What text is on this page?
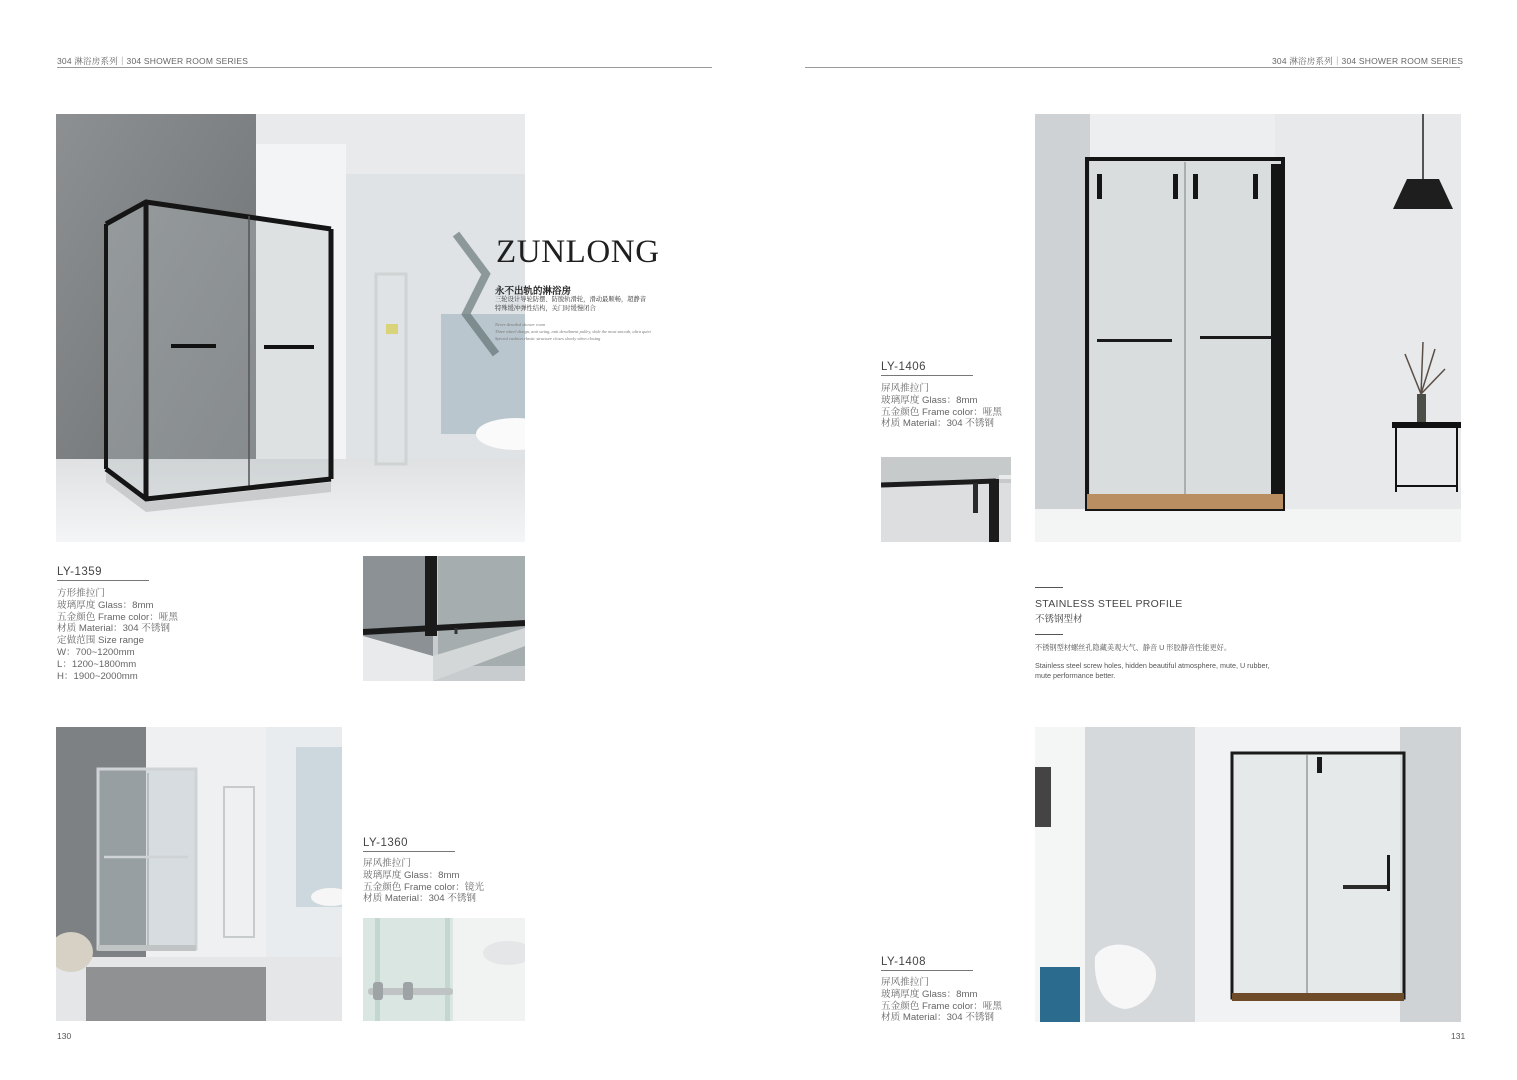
304 淋浴房系列｜304 SHOWER ROOM SERIES
ZUNLONG
永不出轨的淋浴房
三轮设计导轮防摆、防脱轨滑轮，滑动最顺畅，超静音
特殊缓冲弹性结构，关门时缓慢闭合
Never derailed shower room
Three wheel design, anti swing, anti derailment pulley, slide the most smooth, ultra quiet
Special cushion elastic structure closes slowly when closing
LY-1359
方形推拉门
玻璃厚度 Glass：8mm
五金颜色 Frame color：哑黑
材质 Material：304 不锈钢
定做范围 Size range
W：700~1200mm
L：1200~1800mm
H：1900~2000mm
LY-1360
屏风推拉门
玻璃厚度 Glass：8mm
五金颜色 Frame color：镜光
材质 Material：304 不锈钢
130
304 淋浴房系列｜304 SHOWER ROOM SERIES
LY-1406
屏风推拉门
玻璃厚度 Glass：8mm
五金颜色 Frame color：哑黑
材质 Material：304 不锈钢
STAINLESS STEEL PROFILE
不锈钢型材
不锈钢型材螺丝孔隐藏美观大气、静音 U 形胶静音性能更好。
Stainless steel screw holes, hidden beautiful atmosphere, mute, U rubber,
mute performance better.
LY-1408
屏风推拉门
玻璃厚度 Glass：8mm
五金颜色 Frame color：哑黑
材质 Material：304 不锈钢
131
